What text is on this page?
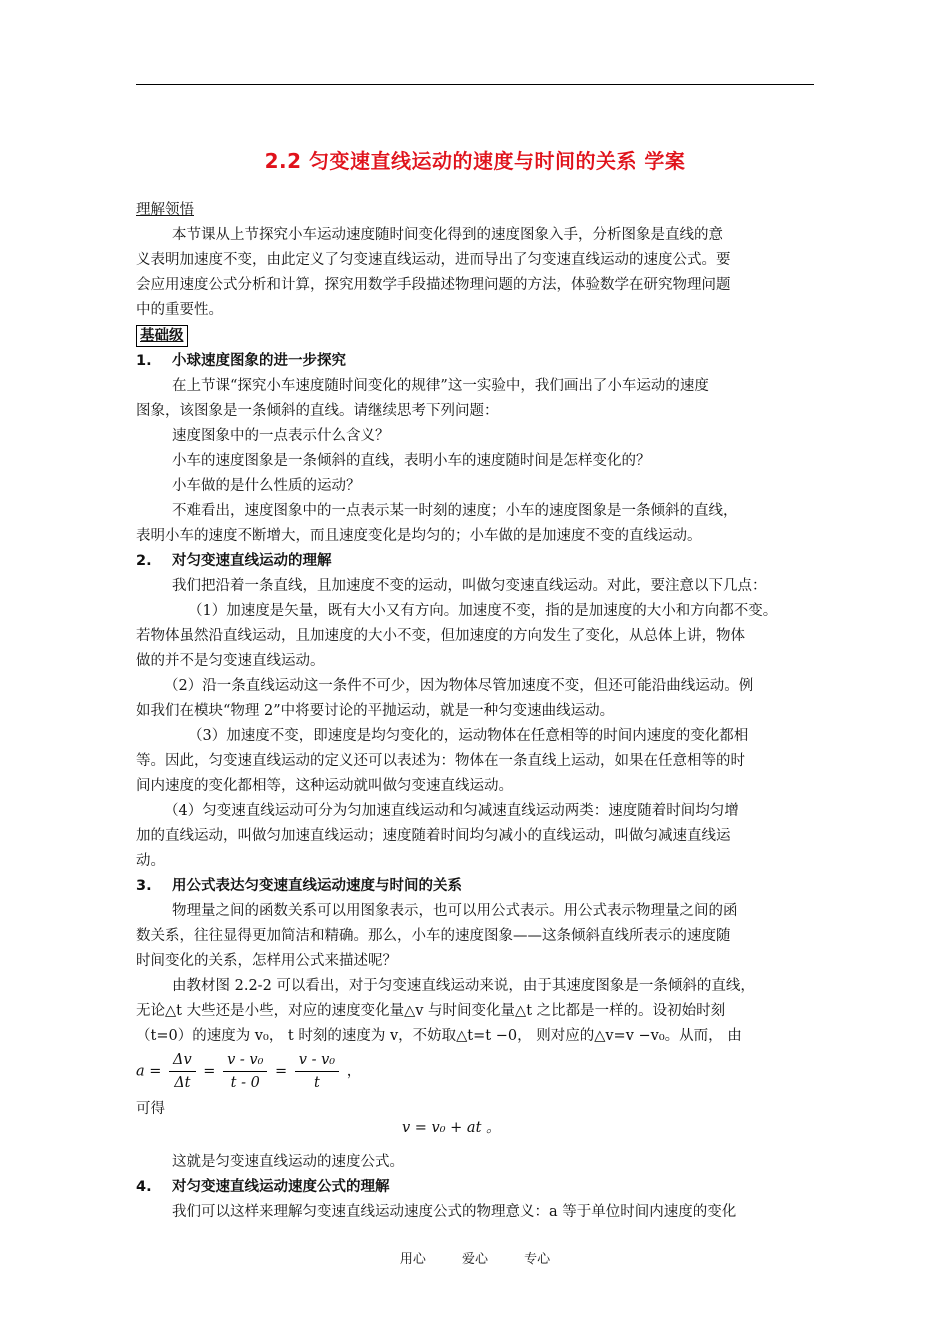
2.2 匀变速直线运动的速度与时间的关系 学案

理解领悟

本节课从上节探究小车运动速度随时间变化得到的速度图象入手，分析图象是直线的意

义表明加速度不变，由此定义了匀变速直线运动，进而导出了匀变速直线运动的速度公式。要

会应用速度公式分析和计算，探究用数学手段描述物理问题的方法，体验数学在研究物理问题

中的重要性。

基础级

1. 小球速度图象的进一步探究

在上节课“探究小车速度随时间变化的规律”这一实验中，我们画出了小车运动的速度

图象，该图象是一条倾斜的直线。请继续思考下列问题：

速度图象中的一点表示什么含义？

小车的速度图象是一条倾斜的直线，表明小车的速度随时间是怎样变化的？

小车做的是什么性质的运动？

不难看出，速度图象中的一点表示某一时刻的速度；小车的速度图象是一条倾斜的直线，

表明小车的速度不断增大，而且速度变化是均匀的；小车做的是加速度不变的直线运动。

2. 对匀变速直线运动的理解

我们把沿着一条直线，且加速度不变的运动，叫做匀变速直线运动。对此，要注意以下几点：

（1）加速度是矢量，既有大小又有方向。加速度不变，指的是加速度的大小和方向都不变。

若物体虽然沿直线运动，且加速度的大小不变，但加速度的方向发生了变化，从总体上讲，物体

做的并不是匀变速直线运动。

（2）沿一条直线运动这一条件不可少，因为物体尽管加速度不变，但还可能沿曲线运动。例

如我们在模块“物理 2”中将要讨论的平抛运动，就是一种匀变速曲线运动。

（3）加速度不变，即速度是均匀变化的，运动物体在任意相等的时间内速度的变化都相

等。因此，匀变速直线运动的定义还可以表述为：物体在一条直线上运动，如果在任意相等的时

间内速度的变化都相等，这种运动就叫做匀变速直线运动。

（4）匀变速直线运动可分为匀加速直线运动和匀减速直线运动两类：速度随着时间均匀增

加的直线运动，叫做匀加速直线运动；速度随着时间均匀减小的直线运动，叫做匀减速直线运

动。

3. 用公式表达匀变速直线运动速度与时间的关系

物理量之间的函数关系可以用图象表示，也可以用公式表示。用公式表示物理量之间的函

数关系，往往显得更加简洁和精确。那么，小车的速度图象——这条倾斜直线所表示的速度随

时间变化的关系，怎样用公式来描述呢？

由教材图 2.2-2 可以看出，对于匀变速直线运动来说，由于其速度图象是一条倾斜的直线，

无论△t 大些还是小些，对应的速度变化量△v 与时间变化量△t 之比都是一样的。设初始时刻

（t=0）的速度为 v₀， t 时刻的速度为 v，不妨取△t=t −0， 则对应的△v=v −v₀。从而， 由

$a = \frac{\Delta v}{\Delta t} = \frac{\text{v - v₀}}{t - 0} = \frac{\text{v - v₀}}{t}$ ，

可得

v = v₀ + at 。

这就是匀变速直线运动的速度公式。

4. 对匀变速直线运动速度公式的理解

我们可以这样来理解匀变速直线运动速度公式的物理意义：a 等于单位时间内速度的变化

用心	爱心	专心
